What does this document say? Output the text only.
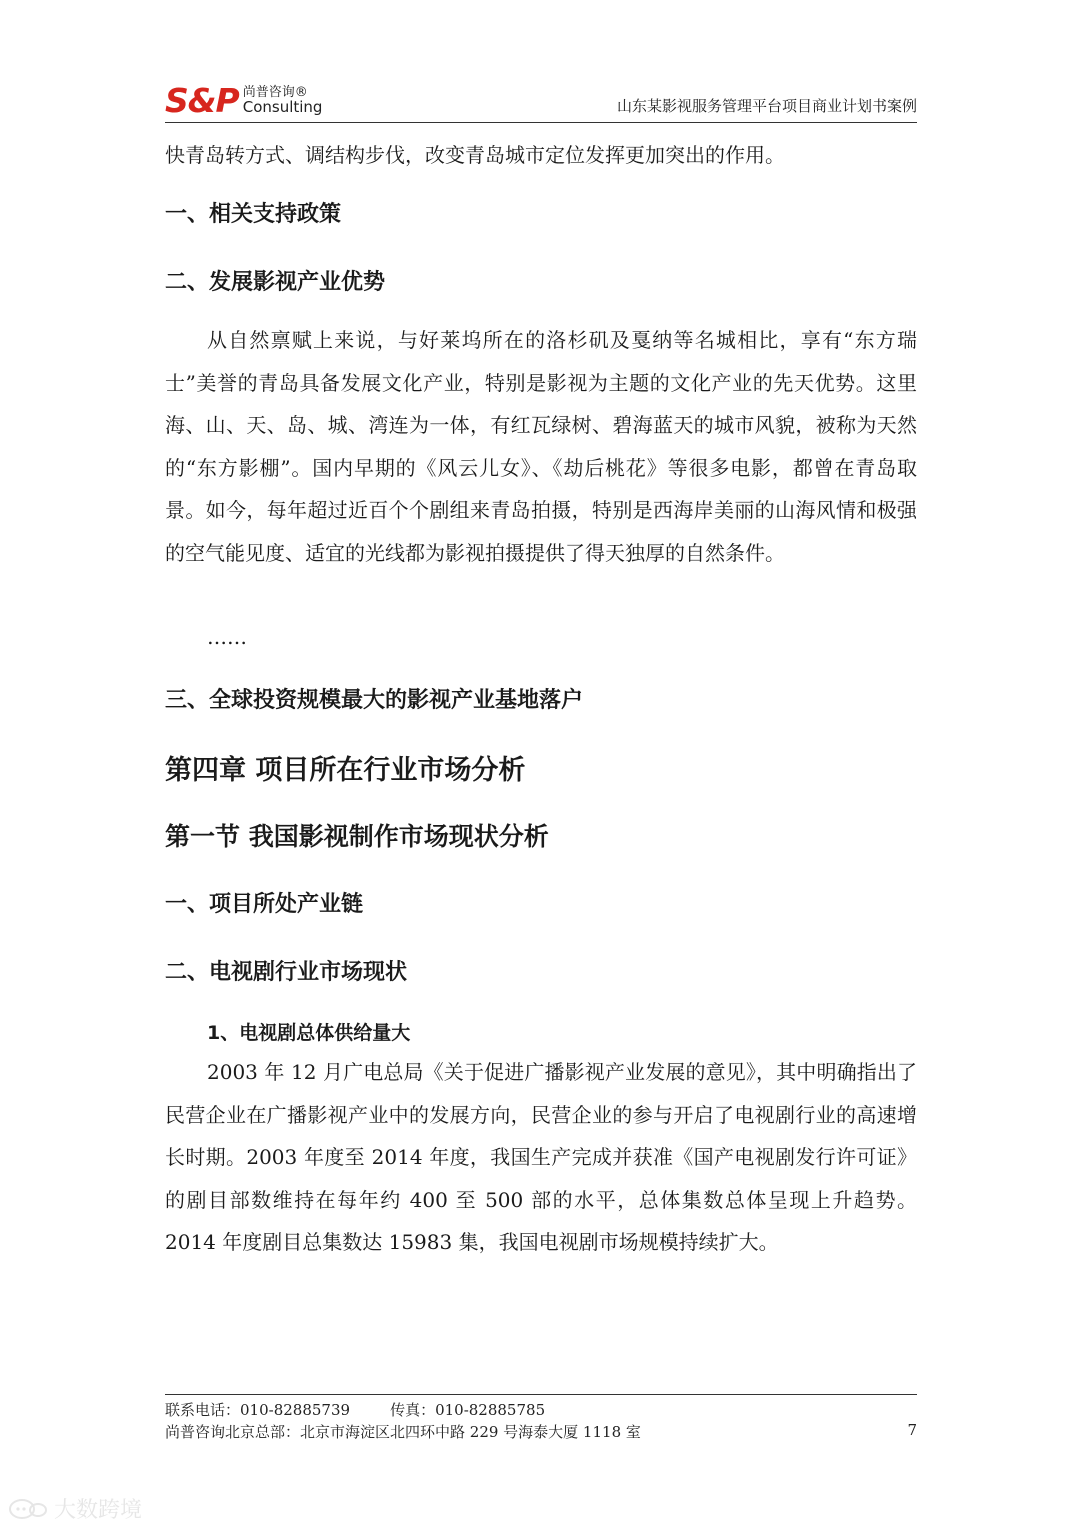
S&P 尚普咨询®
Consulting	山东某影视服务管理平台项目商业计划书案例

快青岛转方式、调结构步伐，改变青岛城市定位发挥更加突出的作用。

一、相关支持政策
二、发展影视产业优势

从自然禀赋上来说，与好莱坞所在的洛杉矶及戛纳等名城相比，享有“东方瑞士”美誉的青岛具备发展文化产业，特别是影视为主题的文化产业的先天优势。这里海、山、天、岛、城、湾连为一体，有红瓦绿树、碧海蓝天的城市风貌，被称为天然的“东方影棚”。国内早期的《风云儿女》、《劫后桃花》等很多电影，都曾在青岛取景。如今，每年超过近百个个剧组来青岛拍摄，特别是西海岸美丽的山海风情和极强的空气能见度、适宜的光线都为影视拍摄提供了得天独厚的自然条件。

……

三、全球投资规模最大的影视产业基地落户
第四章 项目所在行业市场分析
第一节 我国影视制作市场现状分析
一、项目所处产业链
二、电视剧行业市场现状
1、电视剧总体供给量大

2003 年 12 月广电总局《关于促进广播影视产业发展的意见》，其中明确指出了民营企业在广播影视产业中的发展方向，民营企业的参与开启了电视剧行业的高速增长时期。2003 年度至 2014 年度，我国生产完成并获准《国产电视剧发行许可证》的剧目部数维持在每年约 400 至 500 部的水平，总体集数总体呈现上升趋势。2014 年度剧目总集数达 15983 集，我国电视剧市场规模持续扩大。

联系电话：010-82885739	传真：010-82885785
尚普咨询北京总部：北京市海淀区北四环中路 229 号海泰大厦 1118 室	7
大数跨境
